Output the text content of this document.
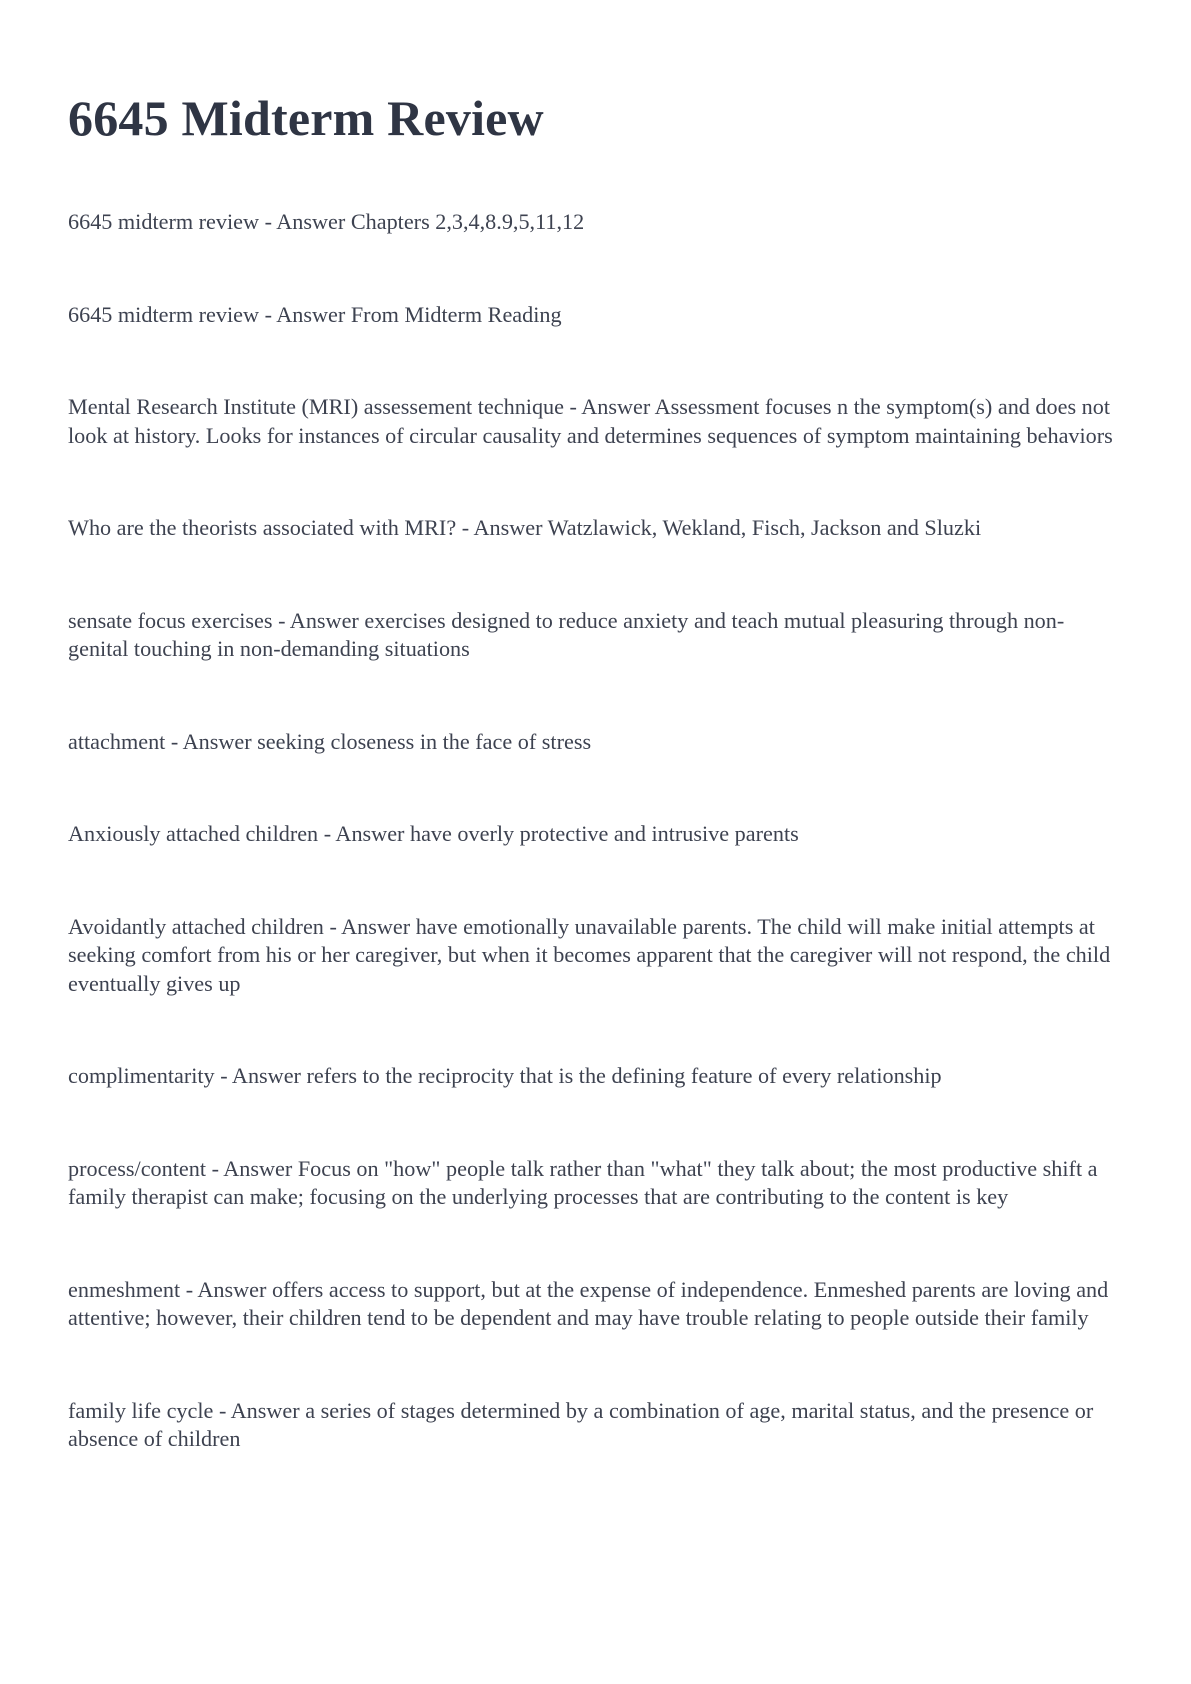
6645 Midterm Review

6645 midterm review - Answer Chapters 2,3,4,8.9,5,11,12

6645 midterm review - Answer From Midterm Reading

Mental Research Institute (MRI) assessement technique - Answer Assessment focuses n the symptom(s) and does not look at history. Looks for instances of circular causality and determines sequences of symptom maintaining behaviors

Who are the theorists associated with MRI? - Answer Watzlawick, Wekland, Fisch, Jackson and Sluzki

sensate focus exercises - Answer exercises designed to reduce anxiety and teach mutual pleasuring through non-genital touching in non-demanding situations

attachment - Answer seeking closeness in the face of stress

Anxiously attached children - Answer have overly protective and intrusive parents

Avoidantly attached children - Answer have emotionally unavailable parents. The child will make initial attempts at seeking comfort from his or her caregiver, but when it becomes apparent that the caregiver will not respond, the child eventually gives up

complimentarity - Answer refers to the reciprocity that is the defining feature of every relationship

process/content - Answer Focus on "how" people talk rather than "what" they talk about; the most productive shift a family therapist can make; focusing on the underlying processes that are contributing to the content is key

enmeshment - Answer offers access to support, but at the expense of independence. Enmeshed parents are loving and attentive; however, their children tend to be dependent and may have trouble relating to people outside their family

family life cycle - Answer a series of stages determined by a combination of age, marital status, and the presence or absence of children
